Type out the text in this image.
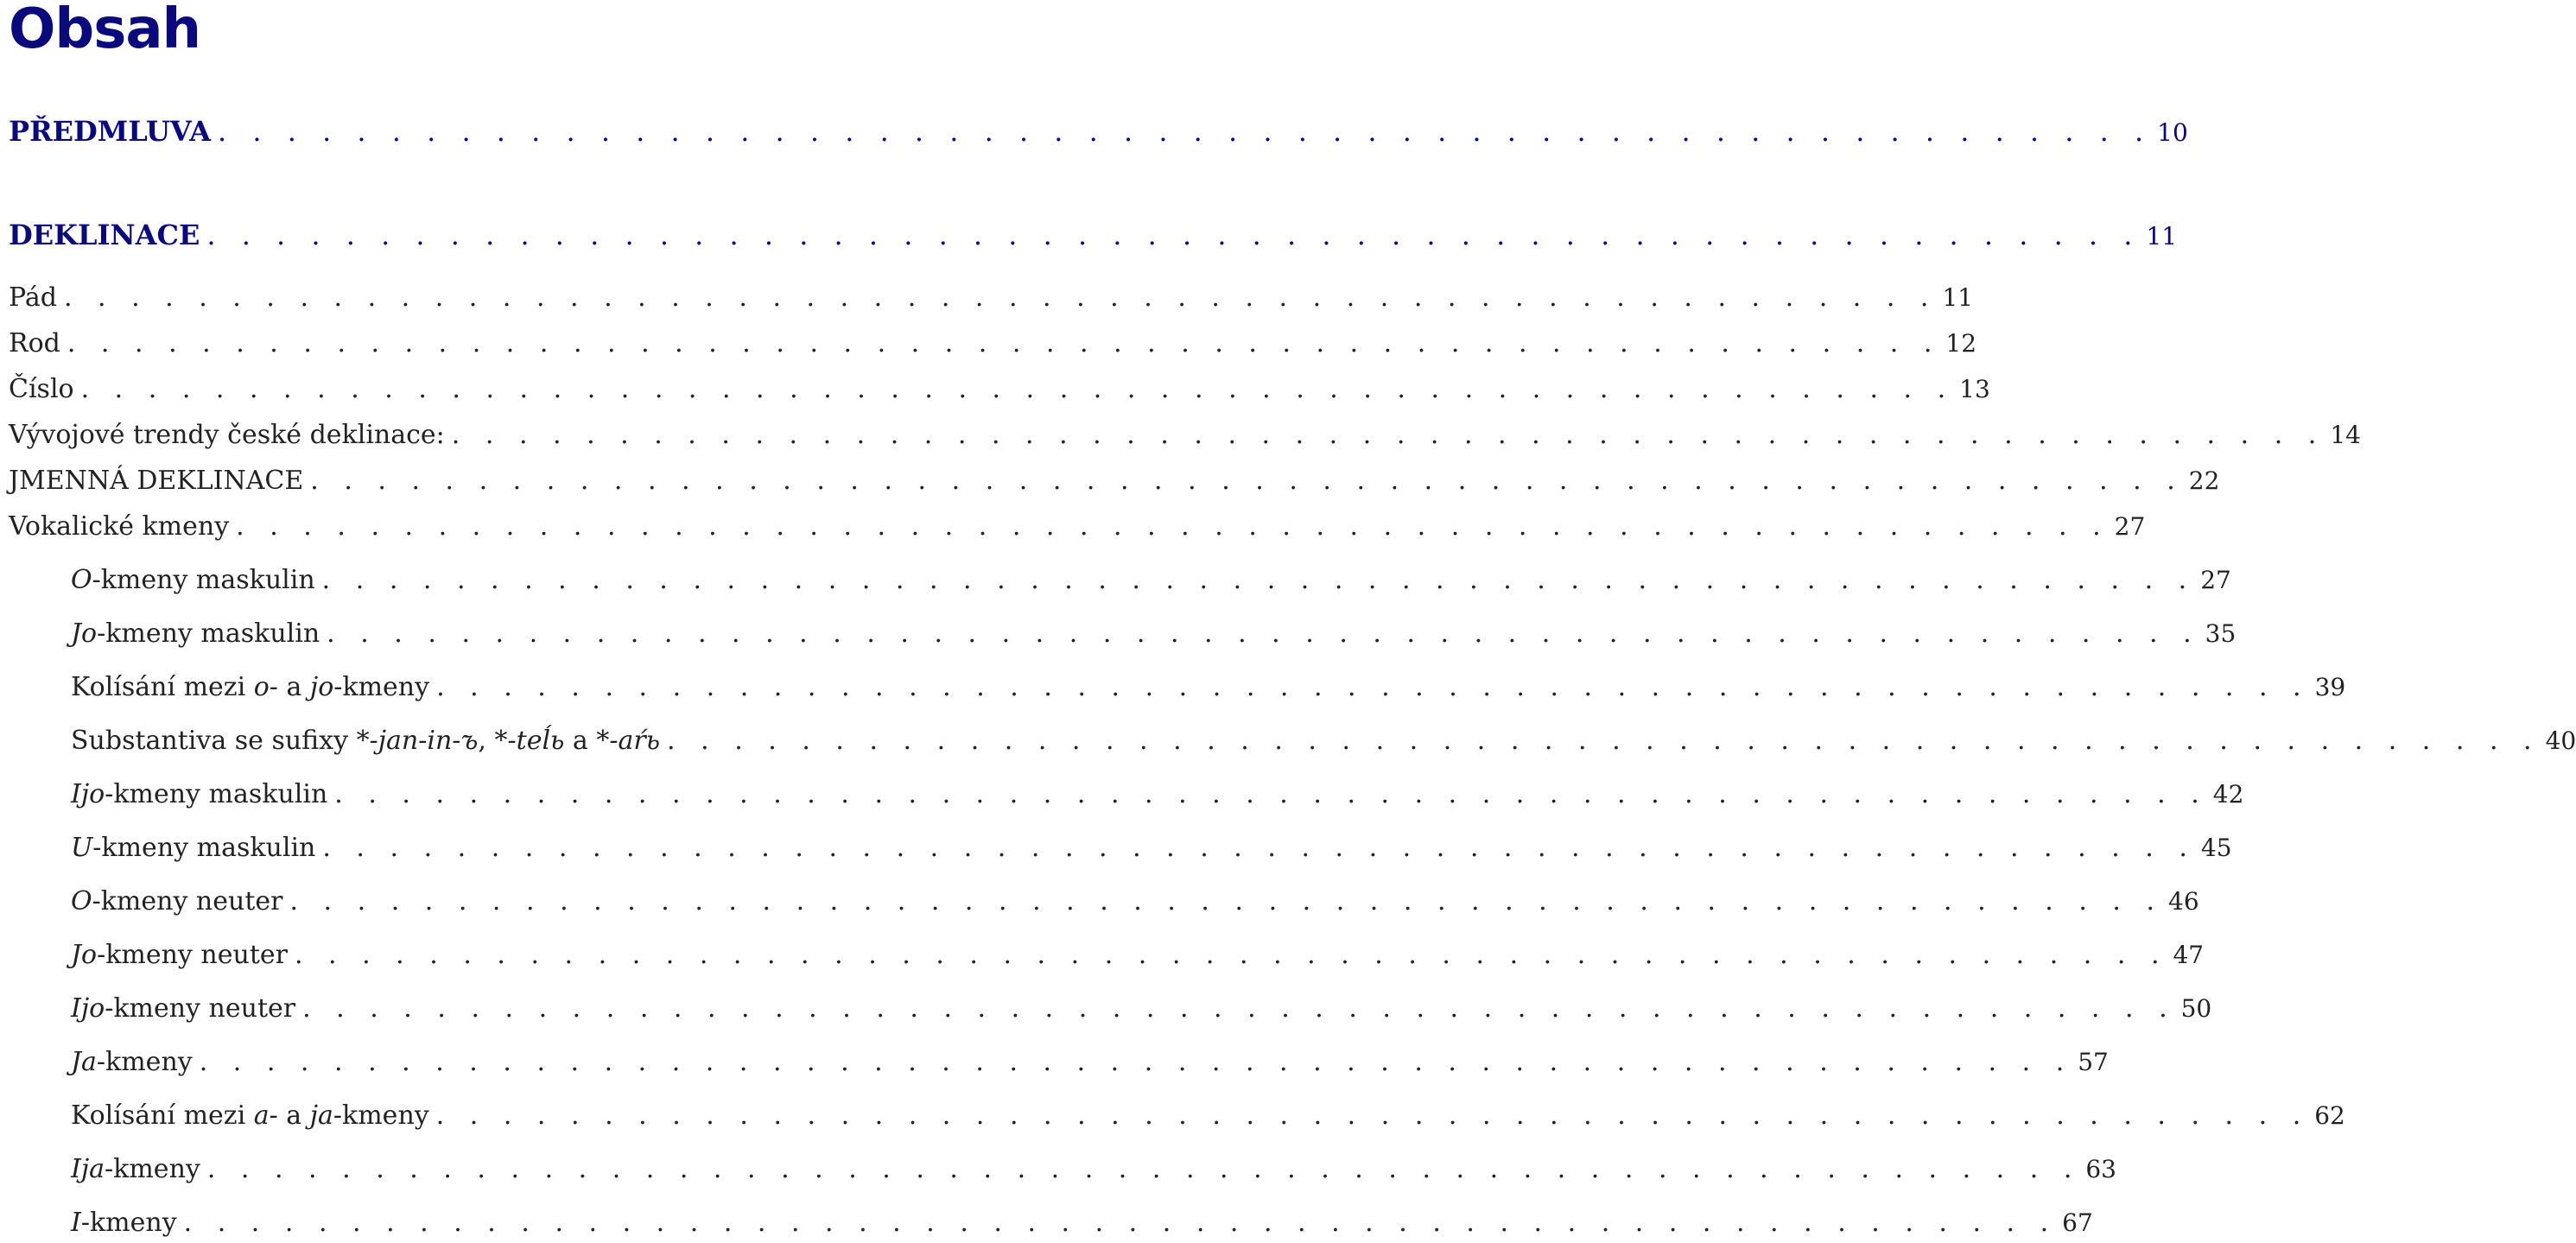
Obsah
PŘEDMLUVA . . . . . . . . . . . . . . . . . . . . . . . . . . . . . . . . . . . . . . . . . . . . . . . . . . . . . . . . 10
DEKLINACE . . . . . . . . . . . . . . . . . . . . . . . . . . . . . . . . . . . . . . . . . . . . . . . . . . . . . . . . 11
Pád . . . . . . . . . . . . . . . . . . . . . . . . . . . . . . . . . . . . . . . . . . . . . . . . . . . . . . . . 11
Rod . . . . . . . . . . . . . . . . . . . . . . . . . . . . . . . . . . . . . . . . . . . . . . . . . . . . . . . . 12
Číslo . . . . . . . . . . . . . . . . . . . . . . . . . . . . . . . . . . . . . . . . . . . . . . . . . . . . . . . . 13
Vývojové trendy české deklinace: . . . . . . . . . . . . . . . . . . . . . . . . . . . . . . . . . . . . . . . . . . . . . . . . . . . . . . . . 14
JMENNÁ DEKLINACE . . . . . . . . . . . . . . . . . . . . . . . . . . . . . . . . . . . . . . . . . . . . . . . . . . . . . . . . 22
Vokalické kmeny . . . . . . . . . . . . . . . . . . . . . . . . . . . . . . . . . . . . . . . . . . . . . . . . . . . . . . . . 27
O-kmeny maskulin . . . . . . . . . . . . . . . . . . . . . . . . . . . . . . . . . . . . . . . . . . . . . . . . . . . . . . . . 27
Jo-kmeny maskulin . . . . . . . . . . . . . . . . . . . . . . . . . . . . . . . . . . . . . . . . . . . . . . . . . . . . . . . . 35
Kolísání mezi o- a jo-kmeny . . . . . . . . . . . . . . . . . . . . . . . . . . . . . . . . . . . . . . . . . . . . . . . . . . . . . . . . 39
Substantiva se sufixy *-jan-in-ъ, *-teĺь a *-aŕь . . . . . . . . . . . . . . . . . . . . . . . . . . . . . . . . . . . . . . . . . . . . . . . . . . . . . . . . 40
Ijo-kmeny maskulin . . . . . . . . . . . . . . . . . . . . . . . . . . . . . . . . . . . . . . . . . . . . . . . . . . . . . . . . 42
U-kmeny maskulin . . . . . . . . . . . . . . . . . . . . . . . . . . . . . . . . . . . . . . . . . . . . . . . . . . . . . . . . 45
O-kmeny neuter . . . . . . . . . . . . . . . . . . . . . . . . . . . . . . . . . . . . . . . . . . . . . . . . . . . . . . . . 46
Jo-kmeny neuter . . . . . . . . . . . . . . . . . . . . . . . . . . . . . . . . . . . . . . . . . . . . . . . . . . . . . . . . 47
Ijo-kmeny neuter . . . . . . . . . . . . . . . . . . . . . . . . . . . . . . . . . . . . . . . . . . . . . . . . . . . . . . . . 50
Ja-kmeny . . . . . . . . . . . . . . . . . . . . . . . . . . . . . . . . . . . . . . . . . . . . . . . . . . . . . . . . 57
Kolísání mezi a- a ja-kmeny . . . . . . . . . . . . . . . . . . . . . . . . . . . . . . . . . . . . . . . . . . . . . . . . . . . . . . . . 62
Ija-kmeny . . . . . . . . . . . . . . . . . . . . . . . . . . . . . . . . . . . . . . . . . . . . . . . . . . . . . . . . 63
I-kmeny . . . . . . . . . . . . . . . . . . . . . . . . . . . . . . . . . . . . . . . . . . . . . . . . . . . . . . . . 67
